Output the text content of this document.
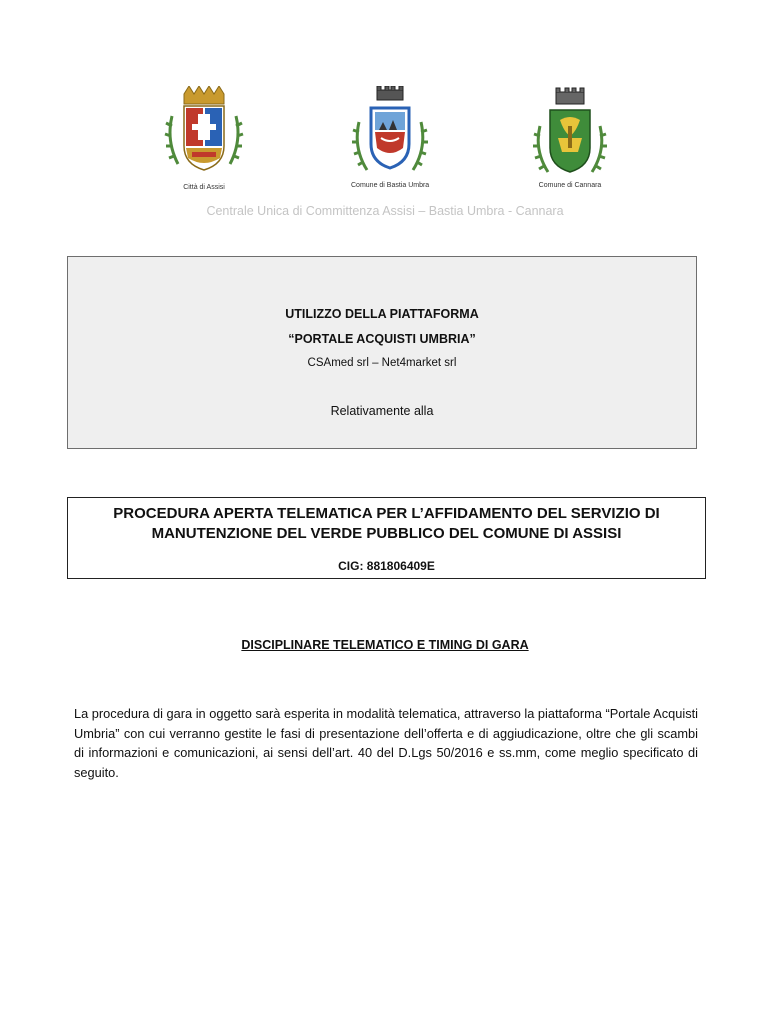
Città di Assisi	Comune di Bastia Umbra	Comune di Cannara
Centrale Unica di Committenza Assisi – Bastia Umbra - Cannara
UTILIZZO DELLA PIATTAFORMA
“PORTALE ACQUISTI UMBRIA”
CSAmed srl – Net4market srl
Relativamente alla
PROCEDURA APERTA TELEMATICA PER L’AFFIDAMENTO DEL SERVIZIO DI
MANUTENZIONE DEL VERDE PUBBLICO DEL COMUNE DI ASSISI
CIG: 881806409E
DISCIPLINARE TELEMATICO E TIMING DI GARA
La procedura di gara in oggetto sarà esperita in modalità telematica, attraverso la piattaforma “Portale Acquisti Umbria” con cui verranno gestite le fasi di presentazione dell’offerta e di aggiudicazione, oltre che gli scambi di informazioni e comunicazioni, ai sensi dell’art. 40 del D.Lgs 50/2016 e ss.mm, come meglio specificato di seguito.
